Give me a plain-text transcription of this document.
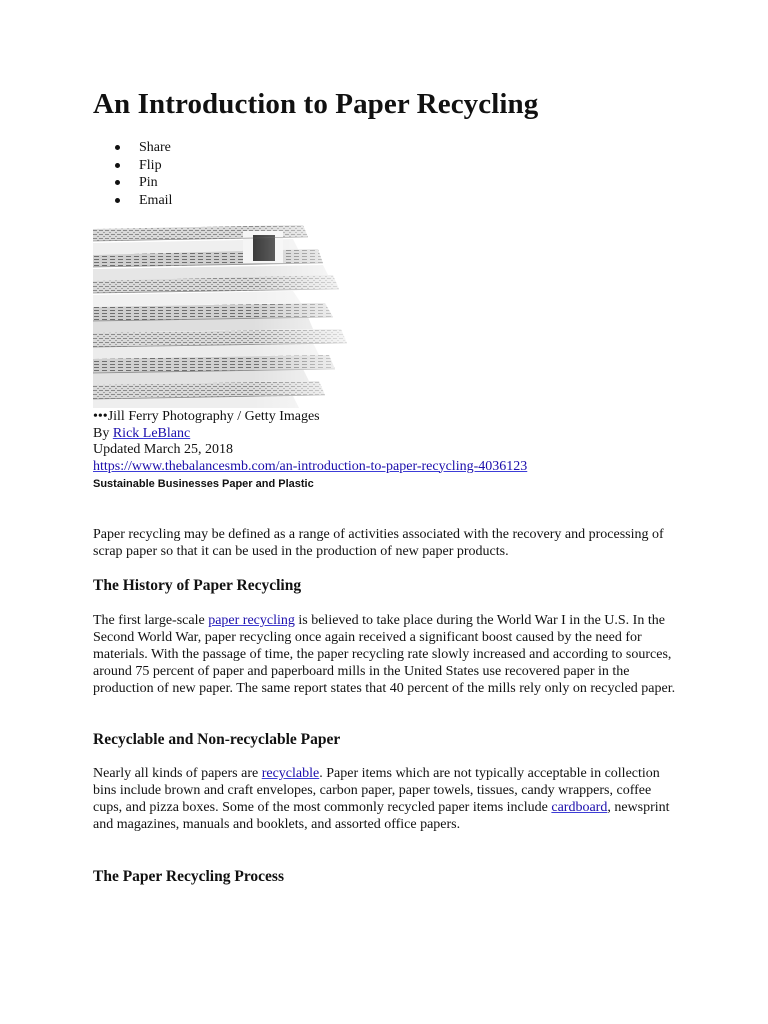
An Introduction to Paper Recycling
Share
Flip
Pin
Email
•••Jill Ferry Photography / Getty Images
By Rick LeBlanc
Updated March 25, 2018
https://www.thebalancesmb.com/an-introduction-to-paper-recycling-4036123
Sustainable Businesses Paper and Plastic

Paper recycling may be defined as a range of activities associated with the recovery and processing of scrap paper so that it can be used in the production of new paper products.

The History of Paper Recycling

The first large-scale paper recycling is believed to take place during the World War I in the U.S. In the Second World War, paper recycling once again received a significant boost caused by the need for materials. With the passage of time, the paper recycling rate slowly increased and according to sources, around 75 percent of paper and paperboard mills in the United States use recovered paper in the production of new paper. The same report states that 40 percent of the mills rely only on recycled paper.

Recyclable and Non-recyclable Paper

Nearly all kinds of papers are recyclable. Paper items which are not typically acceptable in collection bins include brown and craft envelopes, carbon paper, paper towels, tissues, candy wrappers, coffee cups, and pizza boxes. Some of the most commonly recycled paper items include cardboard, newsprint and magazines, manuals and booklets, and assorted office papers.

The Paper Recycling Process
